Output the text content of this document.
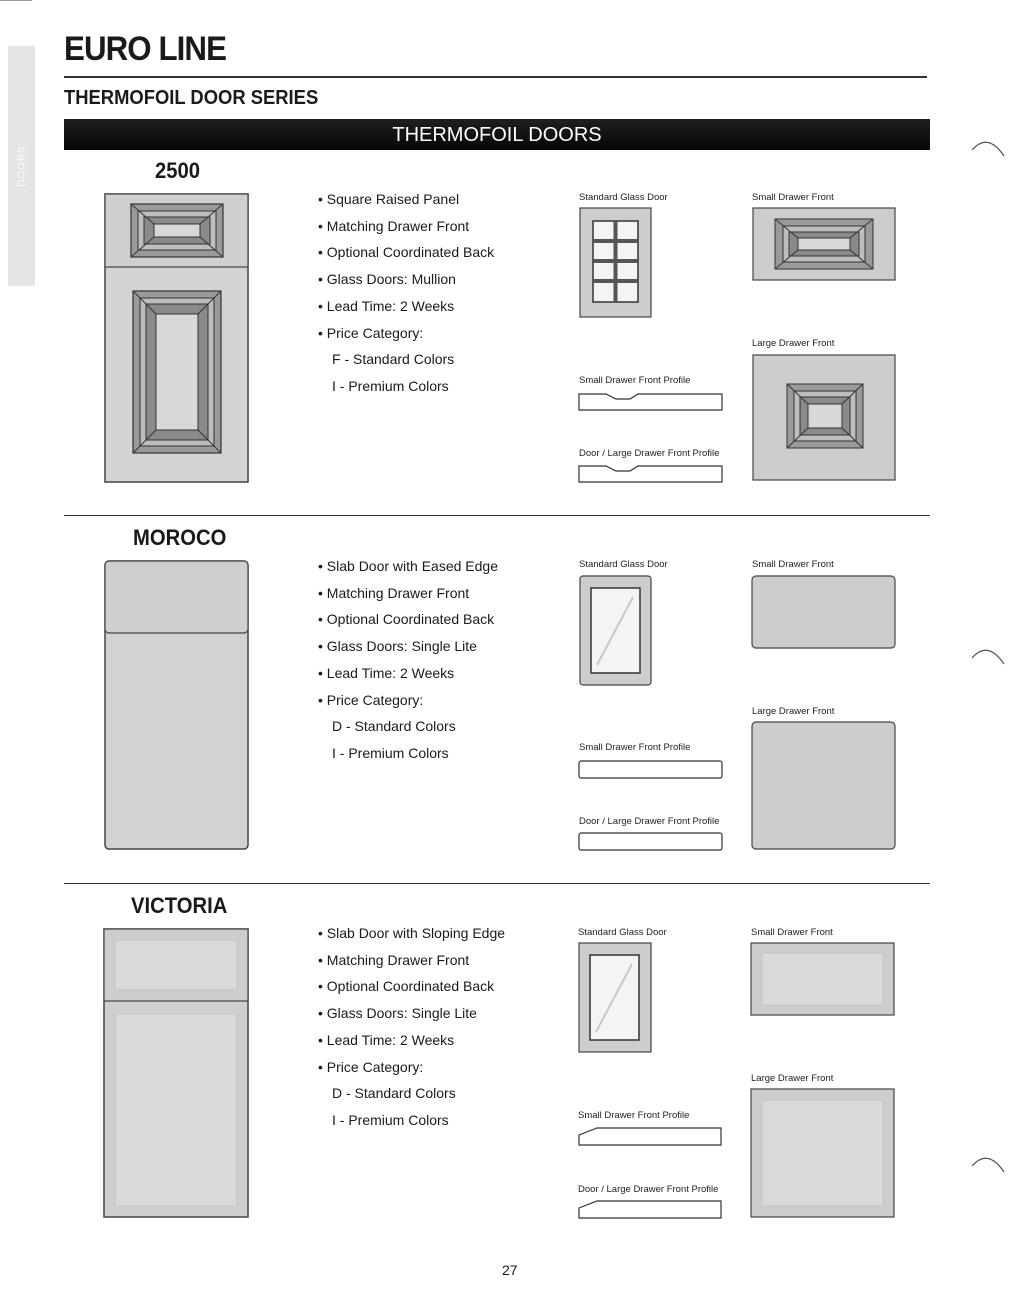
DOORS
EURO LINE
THERMOFOIL DOOR SERIES
THERMOFOIL DOORS
2500
• Square Raised Panel
• Matching Drawer Front
• Optional Coordinated Back
• Glass Doors: Mullion
• Lead Time: 2 Weeks
• Price Category:
F - Standard Colors
I - Premium Colors
Standard Glass Door	Small Drawer Front
Large Drawer Front
Small Drawer Front Profile
Door / Large Drawer Front Profile
MOROCO
• Slab Door with Eased Edge
• Matching Drawer Front
• Optional Coordinated Back
• Glass Doors: Single Lite
• Lead Time: 2 Weeks
• Price Category:
D - Standard Colors
I - Premium Colors
Standard Glass Door	Small Drawer Front
Large Drawer Front
Small Drawer Front Profile
Door / Large Drawer Front Profile
VICTORIA
• Slab Door with Sloping Edge
• Matching Drawer Front
• Optional Coordinated Back
• Glass Doors: Single Lite
• Lead Time: 2 Weeks
• Price Category:
D - Standard Colors
I - Premium Colors
Standard Glass Door	Small Drawer Front
Large Drawer Front
Small Drawer Front Profile
Door / Large Drawer Front Profile
27
